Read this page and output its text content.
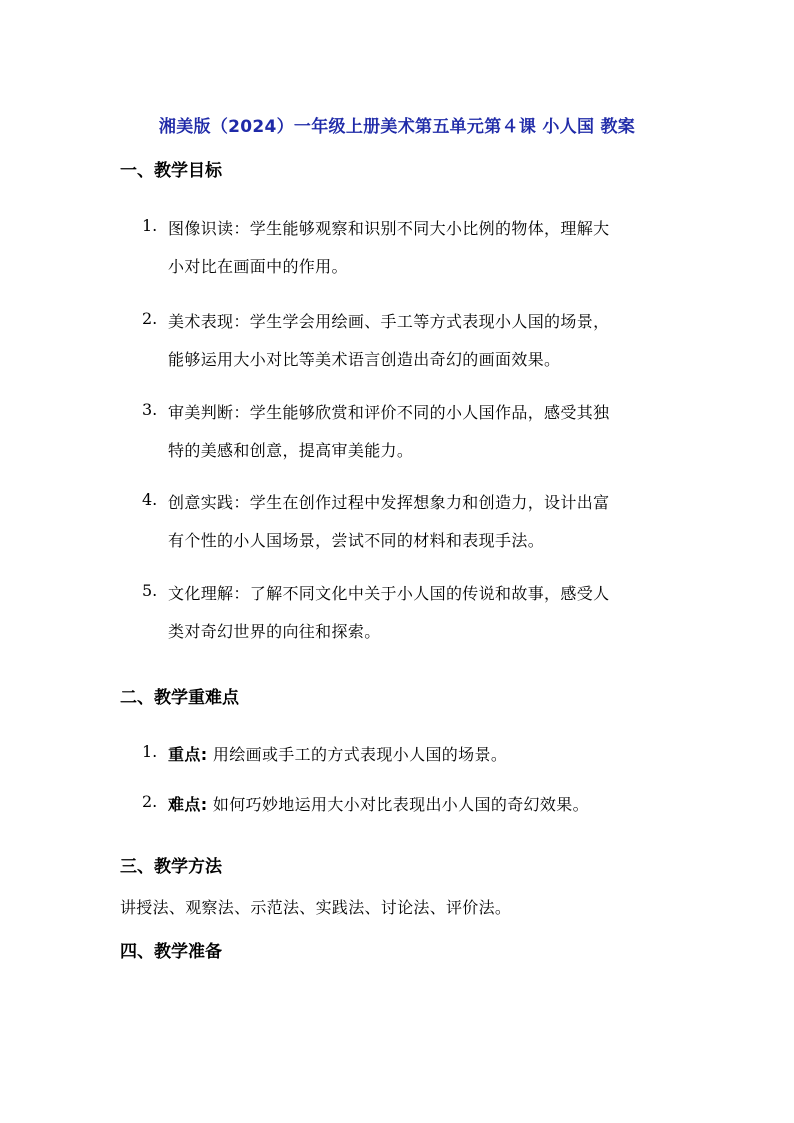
湘美版（2024）一年级上册美术第五单元第４课 小人国 教案
一、教学目标
1. 图像识读：学生能够观察和识别不同大小比例的物体，理解大
小对比在画面中的作用。
2. 美术表现：学生学会用绘画、手工等方式表现小人国的场景，
能够运用大小对比等美术语言创造出奇幻的画面效果。
3. 审美判断：学生能够欣赏和评价不同的小人国作品，感受其独
特的美感和创意，提高审美能力。
4. 创意实践：学生在创作过程中发挥想象力和创造力，设计出富
有个性的小人国场景，尝试不同的材料和表现手法。
5. 文化理解：了解不同文化中关于小人国的传说和故事，感受人
类对奇幻世界的向往和探索。
二、教学重难点
1. 重点: 用绘画或手工的方式表现小人国的场景。
2. 难点: 如何巧妙地运用大小对比表现出小人国的奇幻效果。
三、教学方法
讲授法、观察法、示范法、实践法、讨论法、评价法。
四、教学准备
